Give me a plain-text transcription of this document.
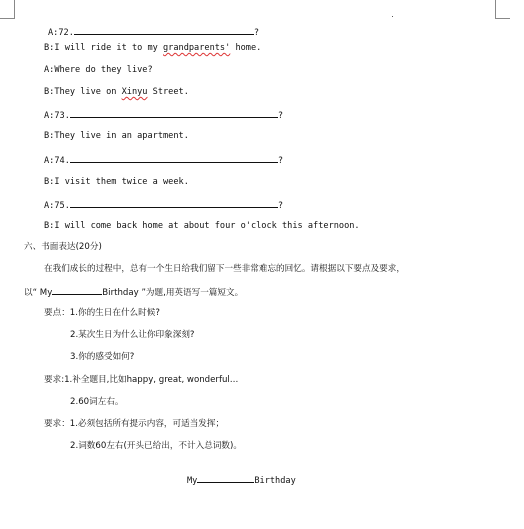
A:72.	?
B:I will ride it to my grandparents' home.
A:Where do they live?
B:They live on Xinyu Street.
A:73.	?
B:They live in an apartment.
A:74.	?
B:I visit them twice a week.
A:75.	?
B:I will come back home at about four o'clock this afternoon.
六、书面表达(20分)
在我们成长的过程中，总有一个生日给我们留下一些非常难忘的回忆。请根据以下要点及要求，
以“ My	Birthday ”为题,用英语写一篇短文。
要点：1.你的生日在什么时候?
2.某次生日为什么让你印象深刻?
3.你的感受如何?
要求:1.补全题目,比如happy, great, wonderful…
2.60词左右。
要求：1.必须包括所有提示内容，可适当发挥；
2.词数60左右(开头已给出，不计入总词数)。
My	Birthday
